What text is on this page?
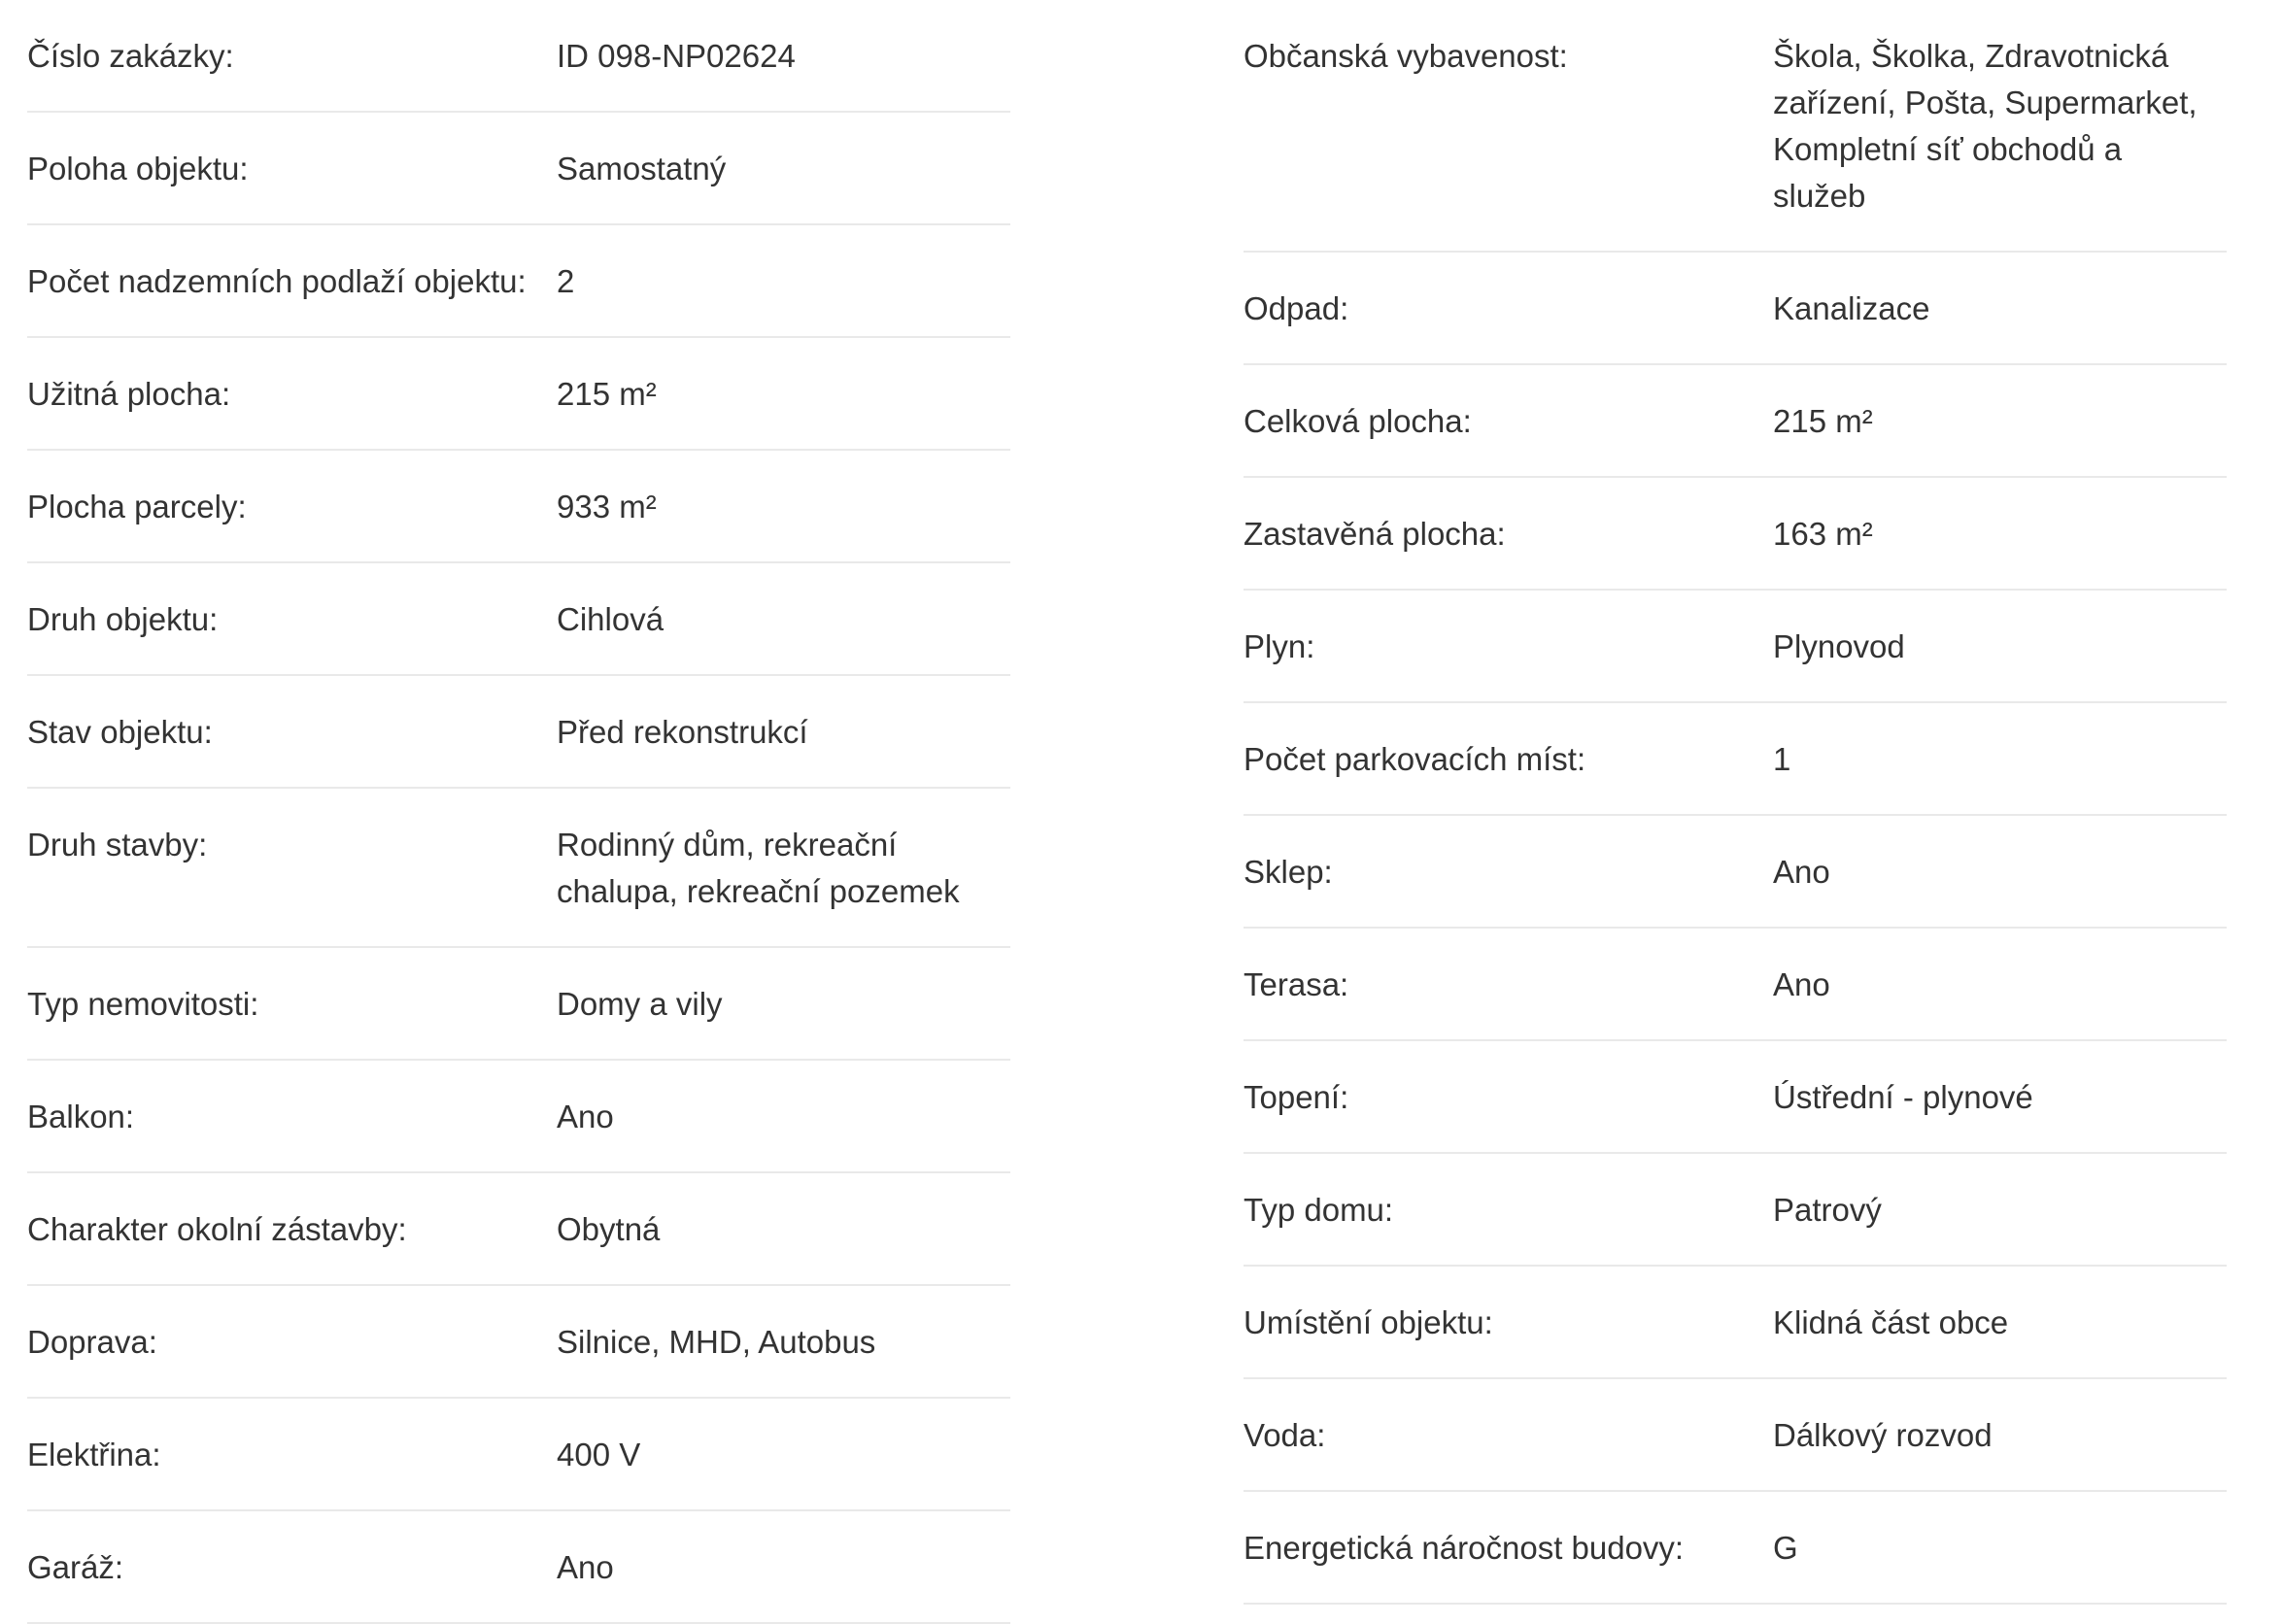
Číslo zakázky:	ID 098-NP02624
Poloha objektu:	Samostatný
Počet nadzemních podlaží objektu: 2
Užitná plocha:	215 m²
Plocha parcely:	933 m²
Druh objektu:	Cihlová
Stav objektu:	Před rekonstrukcí
Druh stavby:	Rodinný dům, rekreační chalupa, rekreační pozemek
Typ nemovitosti:	Domy a vily
Balkon:	Ano
Charakter okolní zástavby:	Obytná
Doprava:	Silnice, MHD, Autobus
Elektřina:	400 V
Garáž:	Ano
Občanská vybavenost:	Škola, Školka, Zdravotnická zařízení, Pošta, Supermarket, Kompletní síť obchodů a služeb
Odpad:	Kanalizace
Celková plocha:	215 m²
Zastavěná plocha:	163 m²
Plyn:	Plynovod
Počet parkovacích míst:	1
Sklep:	Ano
Terasa:	Ano
Topení:	Ústřední - plynové
Typ domu:	Patrový
Umístění objektu:	Klidná část obce
Voda:	Dálkový rozvod
Energetická náročnost budovy:	G
